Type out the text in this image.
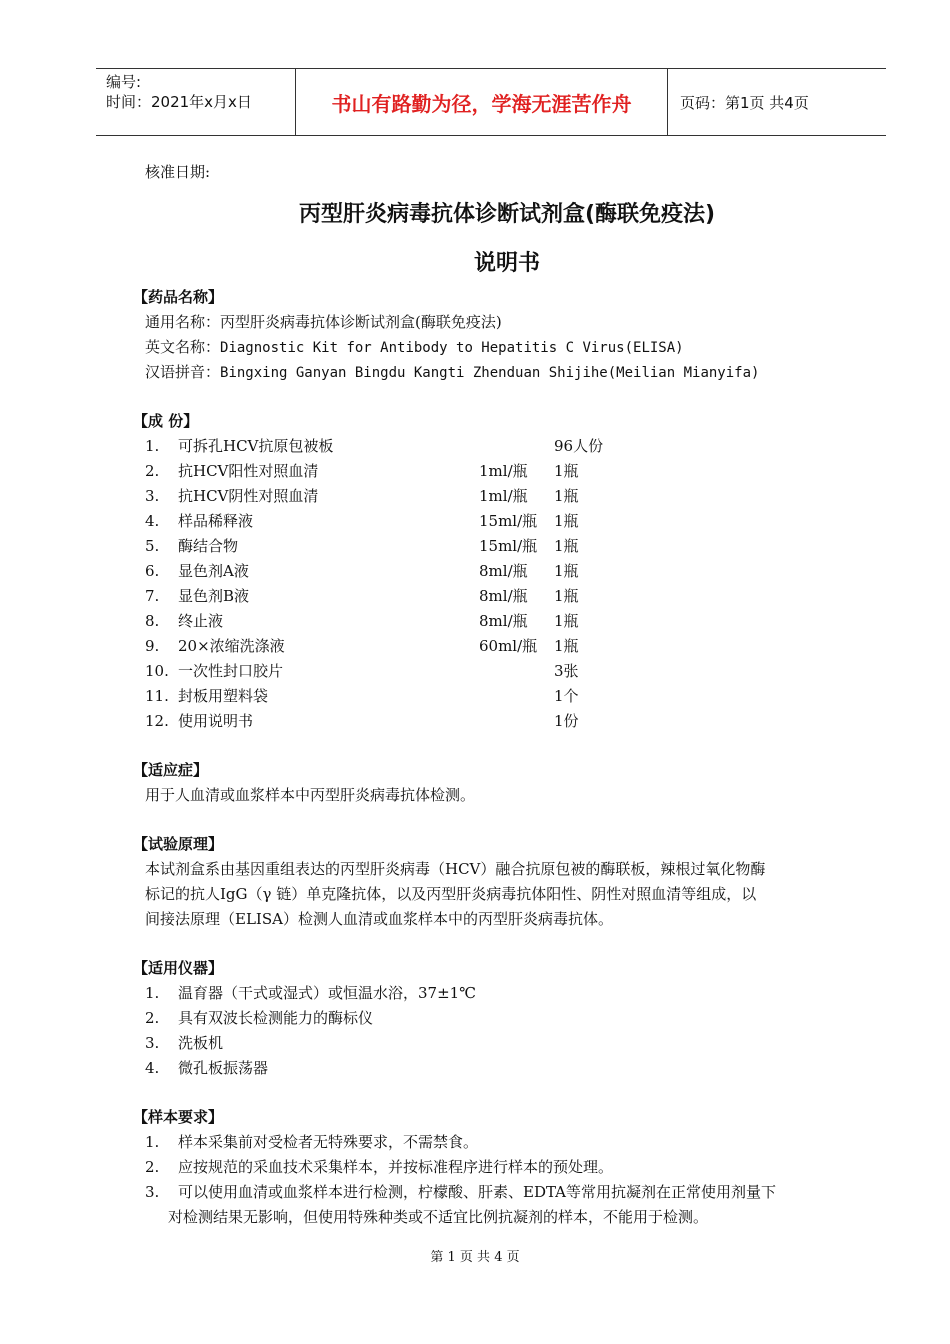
编号:
时间：2021年x月x日	书山有路勤为径，学海无涯苦作舟	页码：第1页 共4页
核准日期:
丙型肝炎病毒抗体诊断试剂盒(酶联免疫法)
说明书
【药品名称】
通用名称：丙型肝炎病毒抗体诊断试剂盒(酶联免疫法)
英文名称：Diagnostic Kit for Antibody to Hepatitis C Virus(ELISA)
汉语拼音：Bingxing Ganyan Bingdu Kangti Zhenduan Shijihe(Meilian Mianyifa)
【成 份】
1. 可拆孔HCV抗原包被板	96人份
2. 抗HCV阳性对照血清	1ml/瓶 1瓶
3. 抗HCV阴性对照血清	1ml/瓶 1瓶
4. 样品稀释液	15ml/瓶 1瓶
5. 酶结合物	15ml/瓶 1瓶
6. 显色剂A液	8ml/瓶 1瓶
7. 显色剂B液	8ml/瓶 1瓶
8. 终止液	8ml/瓶 1瓶
9. 20×浓缩洗涤液	60ml/瓶 1瓶
10. 一次性封口胶片	3张
11. 封板用塑料袋	1个
12. 使用说明书	1份
【适应症】
用于人血清或血浆样本中丙型肝炎病毒抗体检测。
【试验原理】
本试剂盒系由基因重组表达的丙型肝炎病毒（HCV）融合抗原包被的酶联板，辣根过氧化物酶
标记的抗人IgG（γ 链）单克隆抗体，以及丙型肝炎病毒抗体阳性、阴性对照血清等组成，以
间接法原理（ELISA）检测人血清或血浆样本中的丙型肝炎病毒抗体。
【适用仪器】
1. 温育器（干式或湿式）或恒温水浴，37±1℃
2. 具有双波长检测能力的酶标仪
3. 洗板机
4. 微孔板振荡器
【样本要求】
1. 样本采集前对受检者无特殊要求，不需禁食。
2. 应按规范的采血技术采集样本，并按标准程序进行样本的预处理。
3. 可以使用血清或血浆样本进行检测，柠檬酸、肝素、EDTA等常用抗凝剂在正常使用剂量下
对检测结果无影响，但使用特殊种类或不适宜比例抗凝剂的样本，不能用于检测。
第 1 页 共 4 页
